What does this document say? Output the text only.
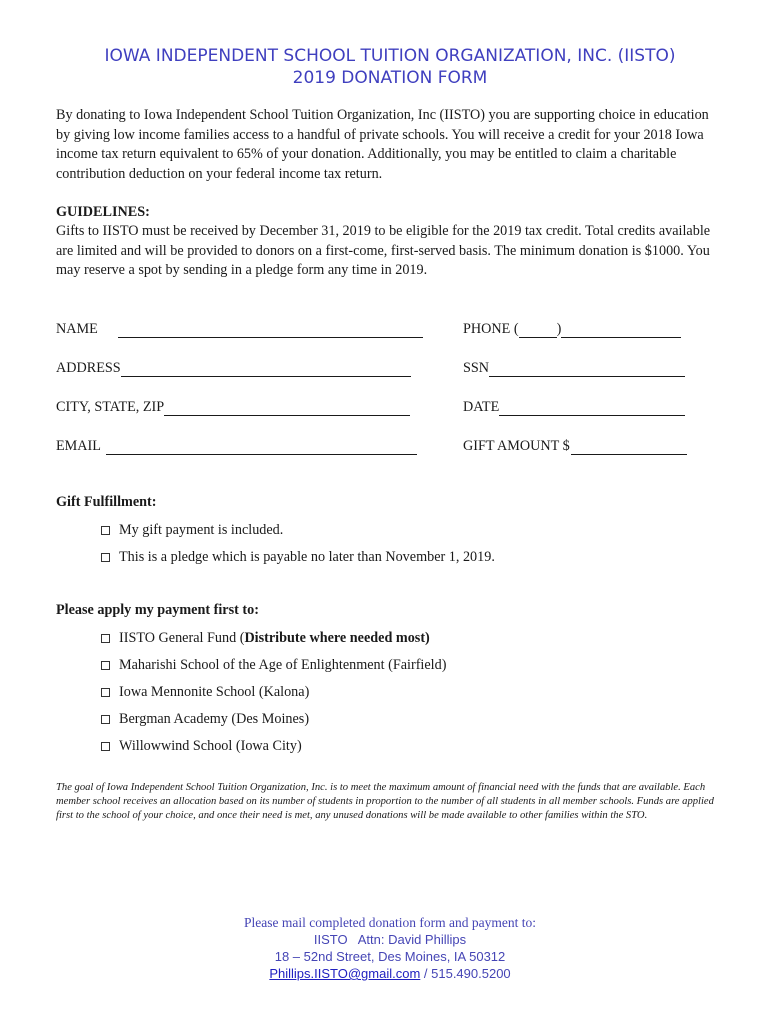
IOWA INDEPENDENT SCHOOL TUITION ORGANIZATION, INC. (IISTO)
2019 DONATION FORM
By donating to Iowa Independent School Tuition Organization, Inc (IISTO) you are supporting choice in education by giving low income families access to a handful of private schools. You will receive a credit for your 2018 Iowa income tax return equivalent to 65% of your donation. Additionally, you may be entitled to claim a charitable contribution deduction on your federal income tax return.
GUIDELINES:
Gifts to IISTO must be received by December 31, 2019 to be eligible for the 2019 tax credit. Total credits available are limited and will be provided to donors on a first-come, first-served basis. The minimum donation is $1000. You may reserve a spot by sending in a pledge form any time in 2019.
NAME	PHONE (	)
ADDRESS	SSN
CITY, STATE, ZIP	DATE
EMAIL	GIFT AMOUNT $
Gift Fulfillment:
My gift payment is included.
This is a pledge which is payable no later than November 1, 2019.
Please apply my payment first to:
IISTO General Fund ( Distribute where needed most)
Maharishi School of the Age of Enlightenment (Fairfield)
Iowa Mennonite School (Kalona)
Bergman Academy (Des Moines)
Willowwind School (Iowa City)
The goal of Iowa Independent School Tuition Organization, Inc. is to meet the maximum amount of financial need with the funds that are available. Each member school receives an allocation based on its number of students in proportion to the number of all students in all member schools. Funds are applied first to the school of your choice, and once their need is met, any unused donations will be made available to other families within the STO.
Please mail completed donation form and payment to:
IISTO   Attn: David Phillips
18 – 52nd Street, Des Moines, IA 50312
Phillips.IISTO@gmail.com / 515.490.5200
